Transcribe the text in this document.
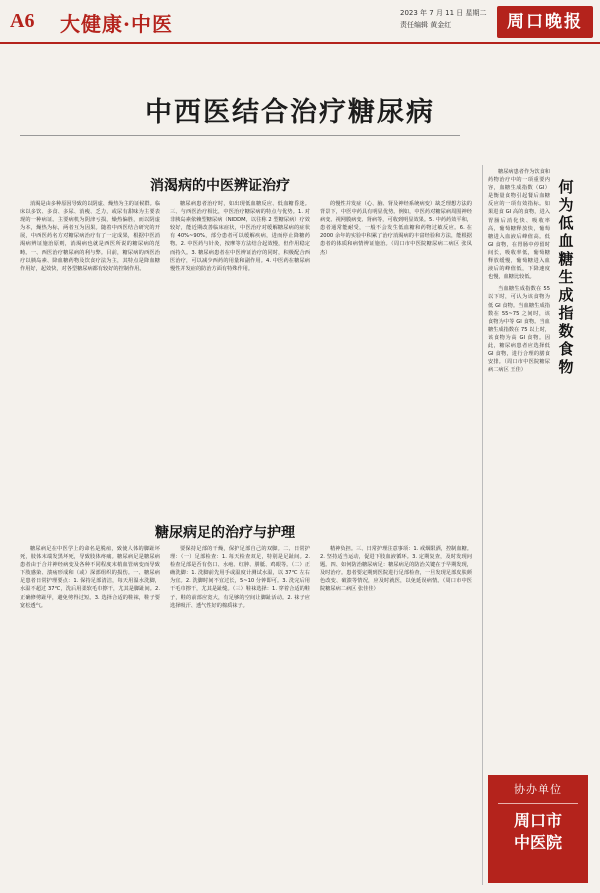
A6 大健康·中医	2023 年 7 月 11 日 星期二
责任编辑 黄金红	周口晚报
中西医结合治疗糖尿病
消渴病的中医辨证治疗

消渴是由多种原因导致的以阴虚、燥热为主的证候群。临床以多饮、多食、多尿、消瘦、乏力，或尿有甜味为主要表现的一种病证。主要病机为阴津亏损，燥热偏胜，而以阴虚为本，燥热为标，两者互为因果。随着中西医结合研究的开展，中西医药名方对糖尿病治疗有了一定成果，根据中医消渴病辨证施治原则，消渴病也就是西医所说的糖尿病的范畴。一、西医治疗糖尿病的利与弊。目前，糖尿病的西医治疗以胰岛素、降血糖药物及饮食疗法为主，其特点是降血糖作用好，起效快，对各型糖尿病都有较好的控制作用。

糖尿病患者治疗时，如出现低血糖反应、低血糖昏迷。三、与西医治疗相比，中医治疗糖尿病的特点与优势。1. 对非胰岛素依赖型糖尿病（NIDDM，以往称 2 型糖尿病）疗效较好，能近期改善临床症状，中医治疗对缓解糖尿病的症状有 40%~90%，部分患者可以缓解疾病，进而停止降糖药物。2. 中医药与针灸，按摩等方法结合起效慢，但作用稳定而持久。3. 糖尿病患者在中医辨证治疗的同时，积极配合西医治疗，可以减少西药的用量和副作用。4. 中医药在糖尿病慢性并发症的防治方面有特殊作用。

的慢性并发症（心、脑、肾及神经系统病变）缺乏理想方法的背景下，中医中药具有明显优势。例如，中医药对糖尿病周围神经病变、视网膜病变、肾病等，可收到明显效果。5. 中药药效平和，患者通常能耐受，一般不会发生低血糖和药物过敏反应。6. 在 2000 余年的实验中积累了治疗消渴病的丰富经验和方法，能根据患者的体质和病情辨证施治。（周口市中医院糖尿病二病区 张凤杰）

糖尿病足的治疗与护理

糖尿病足在中医学上的命名是脱疽，致使人体的脚趾坏死，肢体末端发黑坏死，导致肢体疼痛。糖尿病足是糖尿病患者由于合并神经病变及各种不同程度末梢血管病变而导致下肢感染、溃疡形成和（或）深部组织的损伤。一、糖尿病足患者日常护理要点：1. 保持足部清洁，每天用温水洗脚，水温不超过 37℃，洗后用柔软毛巾擦干，尤其是脚趾间。2. 正确修剪趾甲，避免剪得过短。3. 选择合适的鞋袜，鞋子要宽松透气。

要保持足部的干燥，保护足部自己的双脚。二、日常护理：（一）足部检查：1. 每天检查双足，特别是足趾间。2. 检查足部是否有伤口、水疱、红肿、胼胝、鸡眼等。（二）正确洗脚：1. 洗脚前先用手或温度计测试水温，以 37℃ 左右为宜。2. 洗脚时间不宜过长，5~10 分钟即可。3. 洗完后用干毛巾擦干，尤其是趾缝。（三）鞋袜选择：1. 穿着合适的鞋子，鞋的前部应宽大，有足够的空间让脚趾活动。2. 袜子应选择吸汗、透气性好的棉质袜子。

精神负担。三、日常护理注意事项：1. 戒烟限酒，控制血糖。2. 坚持适当运动，促进下肢血液循环。3. 定期复查，及时发现问题。四、如何防治糖尿病足：糖尿病足的防治关键在于早期发现，及时治疗。患者要定期到医院进行足部检查，一旦发现足部皮肤颜色改变、破溃等情况，应及时就医，以免延误病情。（周口市中医院糖尿病二病区 张佳佳）

何
为
低
血
糖
生
成
指
数
食
物

糖尿病患者作为饮食和药物治疗中的一项重要内容，血糖生成指数（GI）是衡量食物引起餐后血糖反应的一项有效指标。如果进食 GI 高的食物，进入胃肠后消化快、吸收率高，葡萄糖释放快，葡萄糖进入血液后峰值高。低 GI 食物，在胃肠中停留时间长，吸收率低，葡萄糖释放缓慢，葡萄糖进入血液后的峰值低，下降速度也慢，血糖比较低。

当血糖生成指数在 55 以下时，可认为该食物为低 GI 食物。当血糖生成指数在 55~75 之间时，该食物为中等 GI 食物。当血糖生成指数在 75 以上时，该食物为高 GI 食物。因此，糖尿病患者应选择低 GI 食物，进行合理的膳食安排。（周口市中医院糖尿病二病区 王佳）

协办单位
周口市
中医院
